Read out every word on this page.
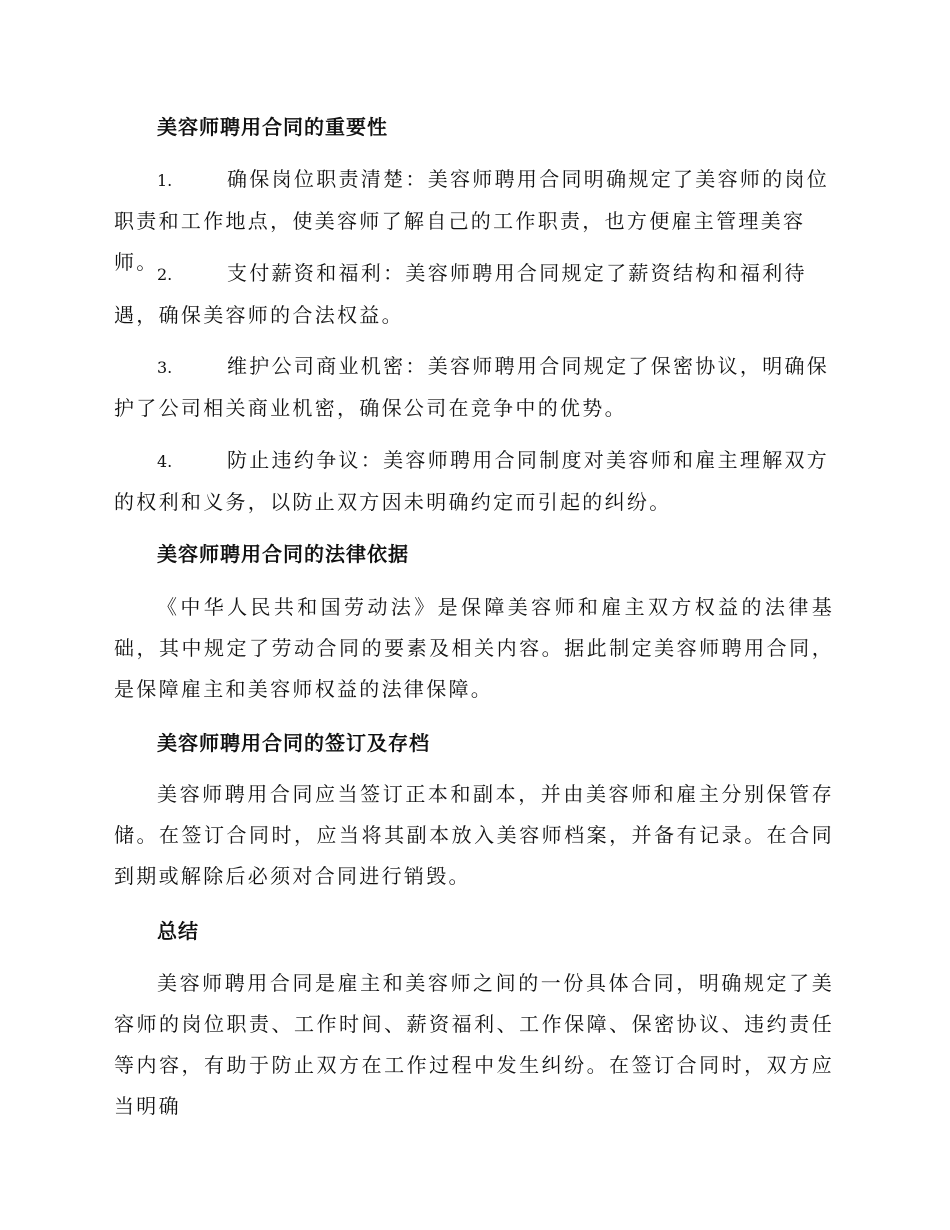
美容师聘用合同的重要性

1.	确保岗位职责清楚：美容师聘用合同明确规定了美容师的岗位职责和工作地点，使美容师了解自己的工作职责，也方便雇主管理美容师。

2.	支付薪资和福利：美容师聘用合同规定了薪资结构和福利待遇，确保美容师的合法权益。

3.	维护公司商业机密：美容师聘用合同规定了保密协议，明确保护了公司相关商业机密，确保公司在竞争中的优势。

4.	防止违约争议：美容师聘用合同制度对美容师和雇主理解双方的权利和义务，以防止双方因未明确约定而引起的纠纷。

美容师聘用合同的法律依据

《中华人民共和国劳动法》是保障美容师和雇主双方权益的法律基础，其中规定了劳动合同的要素及相关内容。据此制定美容师聘用合同，是保障雇主和美容师权益的法律保障。

美容师聘用合同的签订及存档

美容师聘用合同应当签订正本和副本，并由美容师和雇主分别保管存储。在签订合同时，应当将其副本放入美容师档案，并备有记录。在合同到期或解除后必须对合同进行销毁。

总结

美容师聘用合同是雇主和美容师之间的一份具体合同，明确规定了美容师的岗位职责、工作时间、薪资福利、工作保障、保密协议、违约责任等内容，有助于防止双方在工作过程中发生纠纷。在签订合同时，双方应当明确
